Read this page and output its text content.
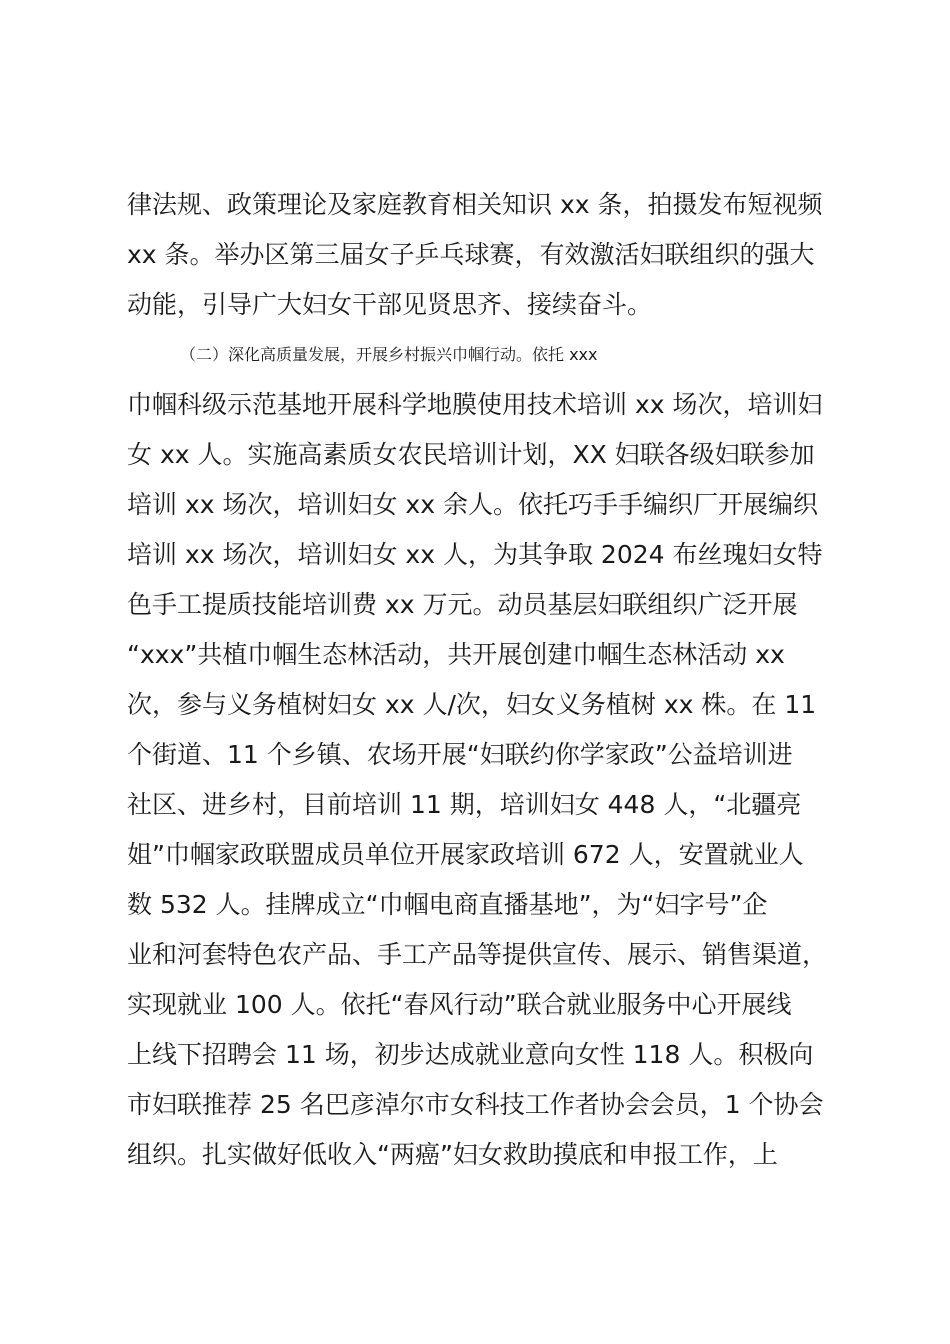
律法规、政策理论及家庭教育相关知识 xx 条，拍摄发布短视频
xx 条。举办区第三届女子乒乓球赛，有效激活妇联组织的强大
动能，引导广大妇女干部见贤思齐、接续奋斗。
（二）深化高质量发展，开展乡村振兴巾帼行动。依托 xxx
巾帼科级示范基地开展科学地膜使用技术培训 xx 场次，培训妇
女 xx 人。实施高素质女农民培训计划，XX 妇联各级妇联参加
培训 xx 场次，培训妇女 xx 余人。依托巧手手编织厂开展编织
培训 xx 场次，培训妇女 xx 人，为其争取 2024 布丝瑰妇女特
色手工提质技能培训费 xx 万元。动员基层妇联组织广泛开展
“xxx”共植巾帼生态林活动，共开展创建巾帼生态林活动 xx
次，参与义务植树妇女 xx 人/次，妇女义务植树 xx 株。在 11
个街道、11 个乡镇、农场开展“妇联约你学家政”公益培训进
社区、进乡村，目前培训 11 期，培训妇女 448 人，“北疆亮
姐”巾帼家政联盟成员单位开展家政培训 672 人，安置就业人
数 532 人。挂牌成立“巾帼电商直播基地”，为“妇字号”企
业和河套特色农产品、手工产品等提供宣传、展示、销售渠道，
实现就业 100 人。依托“春风行动”联合就业服务中心开展线
上线下招聘会 11 场，初步达成就业意向女性 118 人。积极向
市妇联推荐 25 名巴彦淖尔市女科技工作者协会会员，1 个协会
组织。扎实做好低收入“两癌”妇女救助摸底和申报工作，上
